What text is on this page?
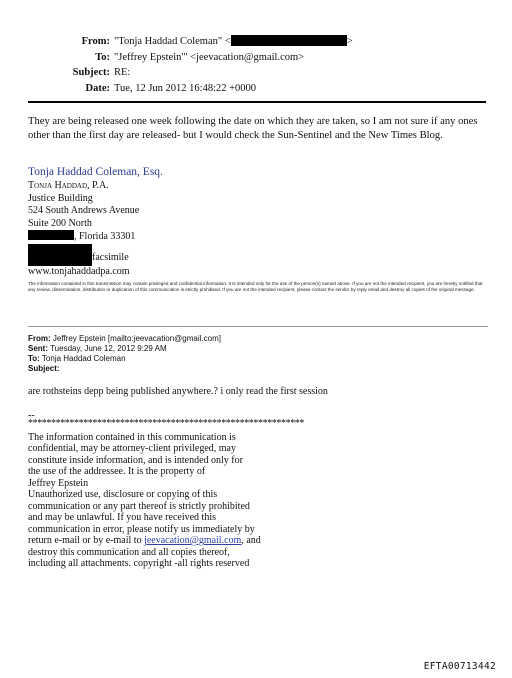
From: "Tonja Haddad Coleman" <	>
To: "Jeffrey Epstein'" <jeevacation@gmail.com>
Subject: RE:
Date: Tue, 12 Jun 2012 16:48:22 +0000
They are being released one week following the date on which they are taken, so I am not sure if any ones other than the first day are released- but I would check the Sun-Sentinel and the New Times Blog.
Tonja Haddad Coleman, Esq.
Tonja Haddad, P.A.
Justice Building
524 South Andrews Avenue
Suite 200 North
, Florida 33301
facsimile
www.tonjahaddadpa.com
The information contained in this transmission may contain privileged and confidential information. It is intended only for the use of the person(s) named above. If you are not the intended recipient, you are hereby notified that any review, dissemination, distribution or duplication of this communication is strictly prohibited. If you are not the intended recipient, please contact the sender by reply email and destroy all copies of the original message.
From: Jeffrey Epstein [mailto:jeevacation@gmail.com]
Sent: Tuesday, June 12, 2012 9:29 AM
To: Tonja Haddad Coleman
Subject:
are rothsteins depp being published anywhere.? i only read the first session
--
************************************************************
The information contained in this communication is
confidential, may be attorney-client privileged, may
constitute inside information, and is intended only for
the use of the addressee. It is the property of
Jeffrey Epstein
Unauthorized use, disclosure or copying of this
communication or any part thereof is strictly prohibited
and may be unlawful. If you have received this
communication in error, please notify us immediately by
return e-mail or by e-mail to jeevacation@gmail.com, and
destroy this communication and all copies thereof,
including all attachments. copyright -all rights reserved
EFTA00713442
